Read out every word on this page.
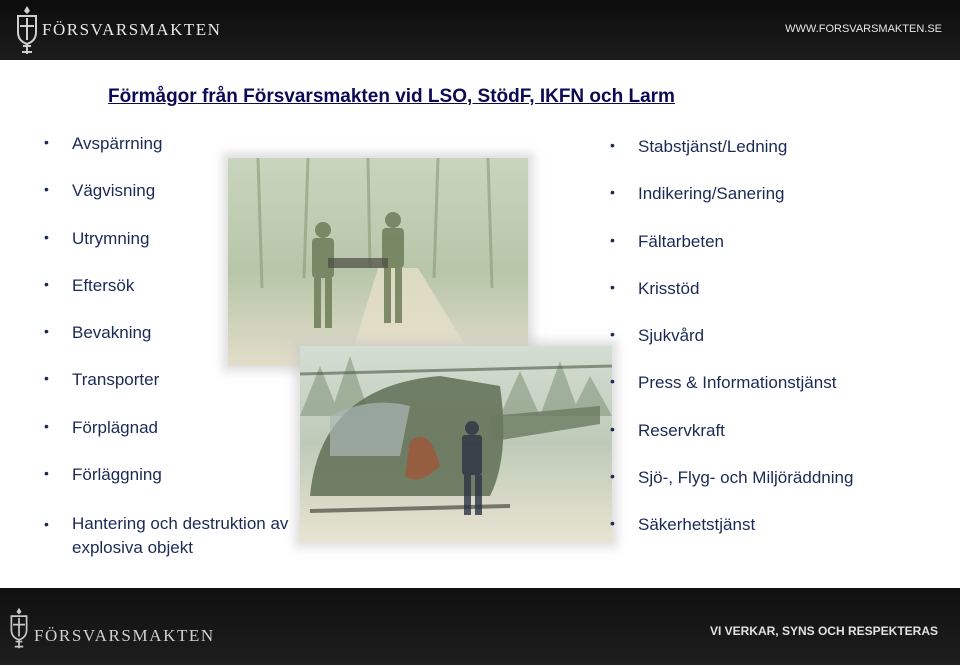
FÖRSVARSMAKTEN	WWW.FORSVARSMAKTEN.SE
Förmågor från Försvarsmakten vid LSO, StödF, IKFN och Larm
• Avspärrning
• Vägvisning
• Utrymning
• Eftersök
• Bevakning
• Transporter
• Förplägnad
• Förläggning
• Hantering och destruktion av explosiva objekt
• Stabstjänst/Ledning
• Indikering/Sanering
• Fältarbeten
• Krisstöd
• Sjukvård
• Press & Informationstjänst
• Reservkraft
• Sjö-, Flyg- och Miljöräddning
• Säkerhetstjänst
FÖRSVARSMAKTEN	VI VERKAR, SYNS OCH RESPEKTERAS
